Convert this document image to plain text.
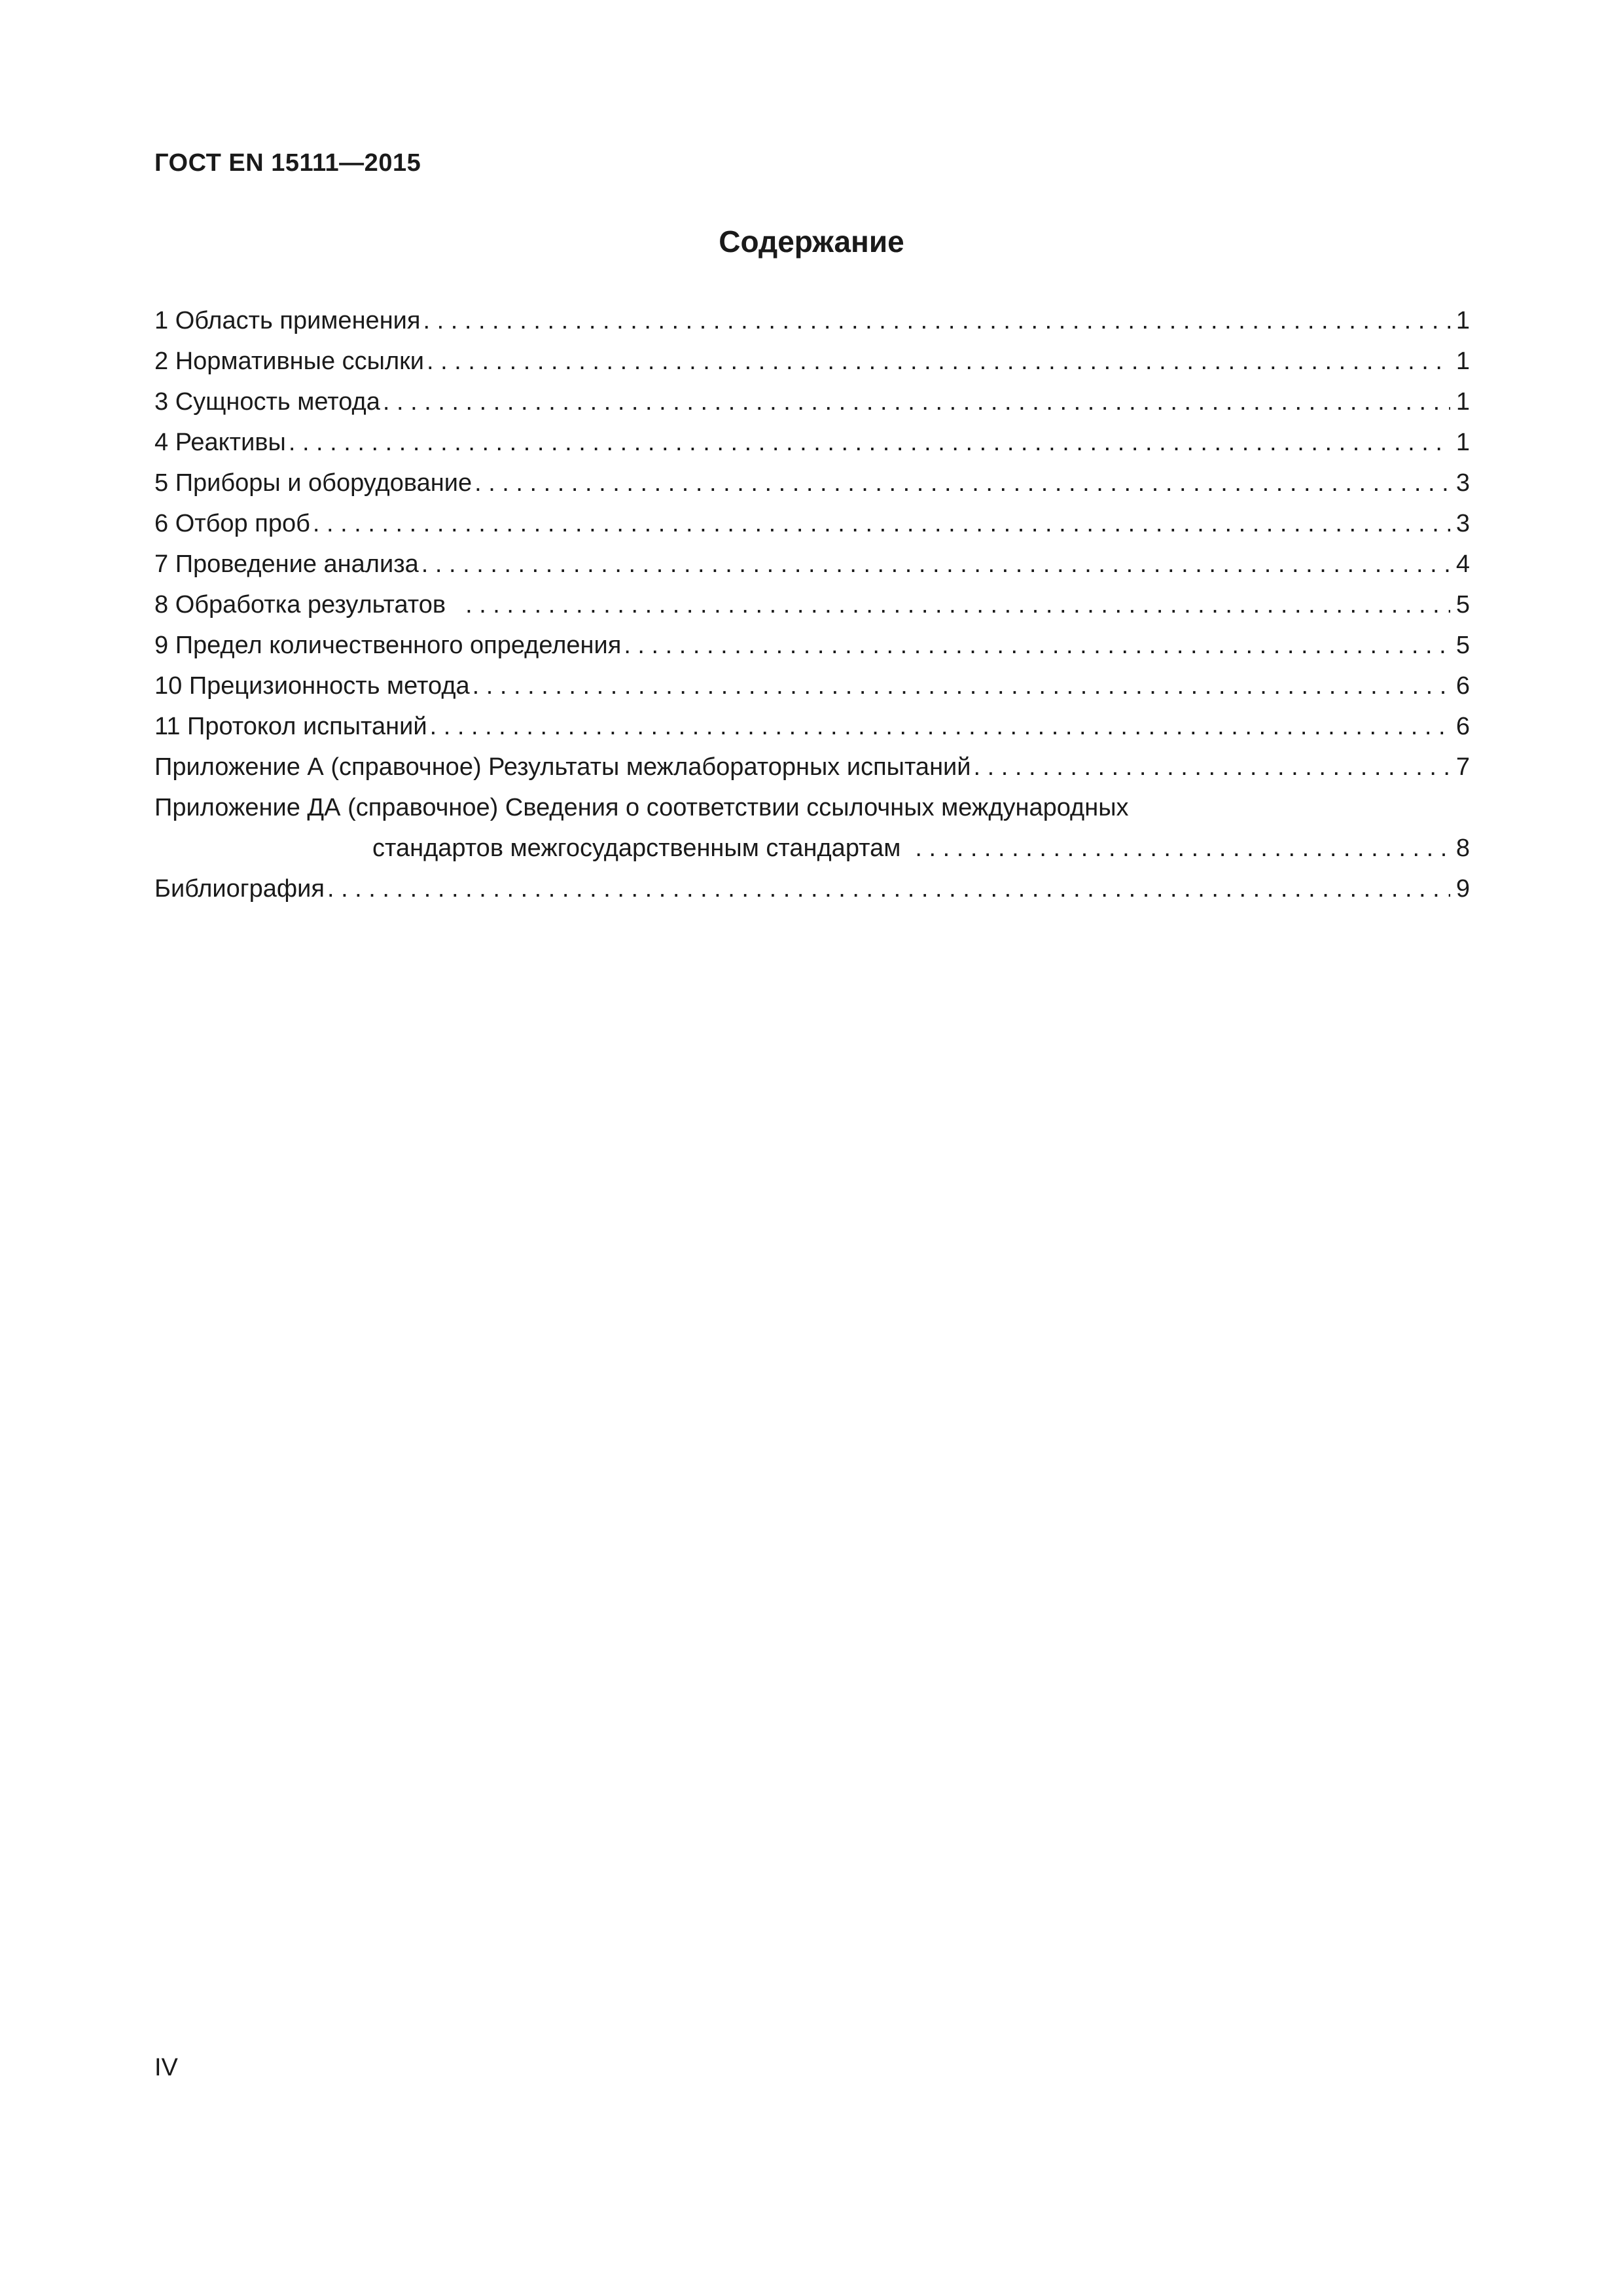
ГОСТ EN 15111—2015
Содержание
1 Область применения . . .	1
2 Нормативные ссылки . . .	1
3 Сущность метода . . .	1
4 Реактивы . . .	1
5 Приборы и оборудование . . .	3
6 Отбор проб . . .	3
7 Проведение анализа . . .	4
8 Обработка результатов . . .	5
9 Предел количественного определения . . .	5
10 Прецизионность метода . . .	6
11 Протокол испытаний . . .	6
Приложение А (справочное) Результаты межлабораторных испытаний . . .	7
Приложение ДА (справочное) Сведения о соответствии ссылочных международных
стандартов межгосударственным стандартам . . .	8
Библиография . . .	9
IV
